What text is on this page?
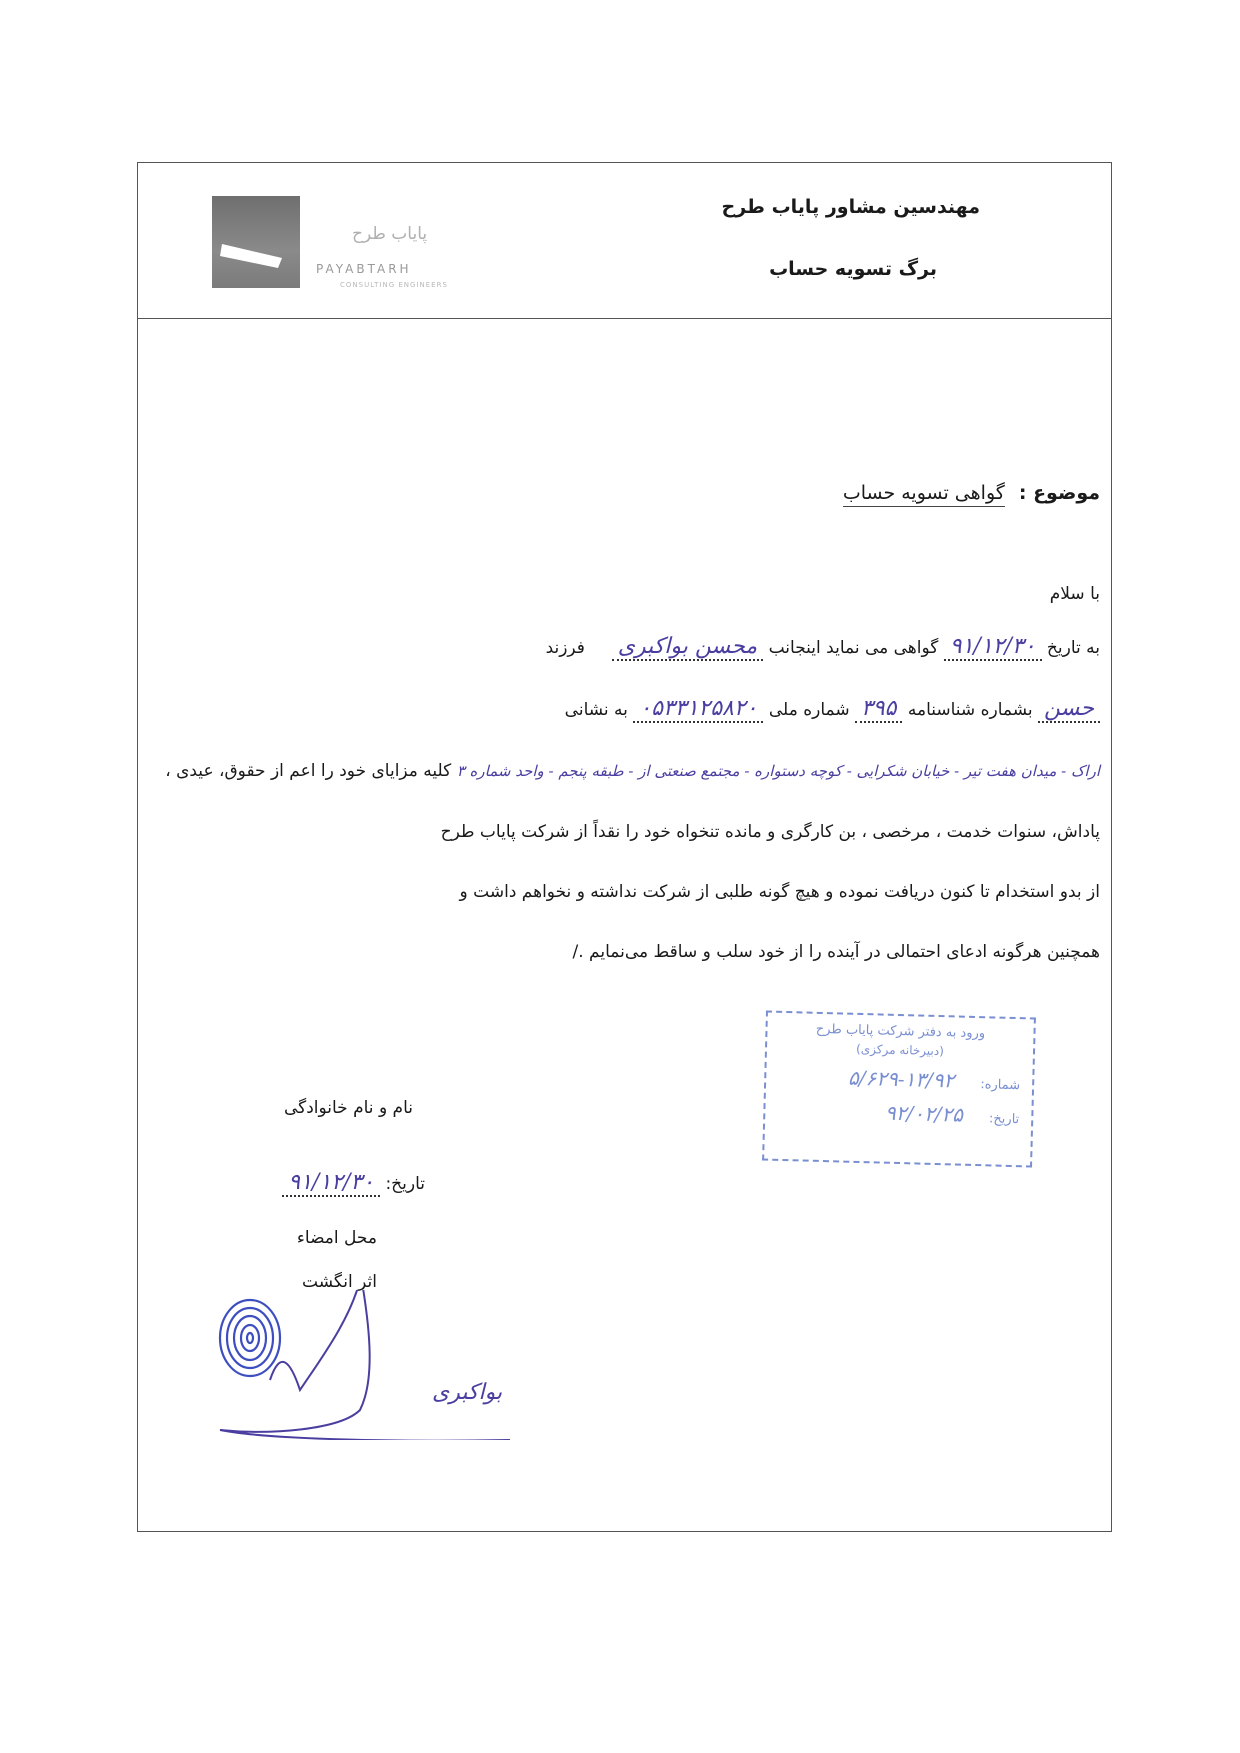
پایاب طرح
PAYABTARH
CONSULTING ENGINEERS
مهندسین مشاور پایاب طرح
برگ تسویه حساب
موضوع : گواهی تسویه حساب
با سلام
به تاریخ ۹۱/۱۲/۳۰ گواهی می نماید اینجانب محسن بواکبری  فرزند
حسن بشماره شناسنامه ۳۹۵ شماره ملی ۰۵۳۳۱۲۵۸۲۰ به نشانی
اراک - میدان هفت تیر - خیابان شکرایی - کوچه دستواره - مجتمع صنعتی از - طبقه پنجم - واحد شماره ۳ کلیه مزایای خود را اعم از حقوق، عیدی ،
پاداش، سنوات خدمت ، مرخصی ، بن کارگری و مانده تنخواه خود را نقداً از شرکت پایاب طرح
از بدو استخدام تا کنون دریافت نموده و هیچ گونه طلبی از شرکت نداشته و نخواهم داشت و
همچنین هرگونه ادعای احتمالی در آینده را از خود سلب و ساقط می‌نمایم ./
ورود به دفتر شرکت پایاب طرح
(دبیرخانه مرکزی)
شماره: ۱۳/۹۲-۵/۶۲۹
تاریخ: ۹۲/۰۲/۲۵
نام و نام خانوادگی
تاریخ: ۹۱/۱۲/۳۰
محل امضاء
اثر انگشت
بواکبری
